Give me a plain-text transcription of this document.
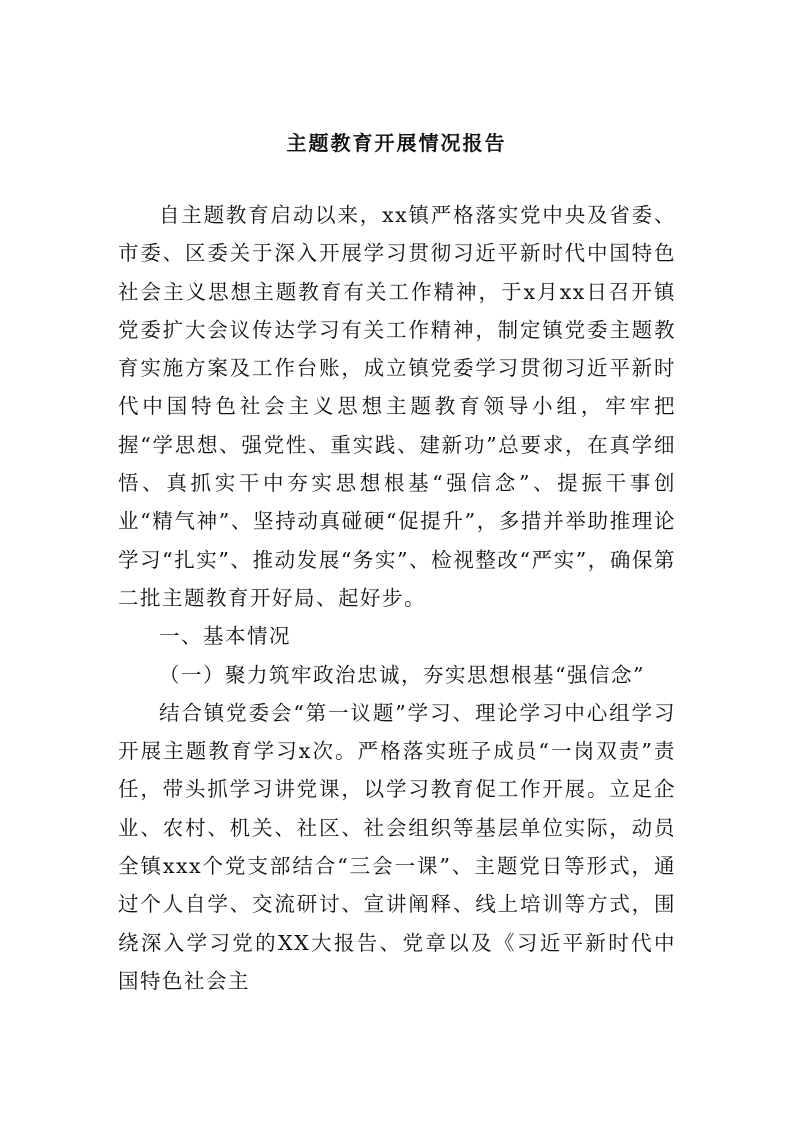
主题教育开展情况报告

自主题教育启动以来，xx镇严格落实党中央及省委、市委、区委关于深入开展学习贯彻习近平新时代中国特色社会主义思想主题教育有关工作精神，于x月xx日召开镇党委扩大会议传达学习有关工作精神，制定镇党委主题教育实施方案及工作台账，成立镇党委学习贯彻习近平新时代中国特色社会主义思想主题教育领导小组，牢牢把握“学思想、强党性、重实践、建新功”总要求，在真学细悟、真抓实干中夯实思想根基“强信念”、提振干事创业“精气神”、坚持动真碰硬“促提升”，多措并举助推理论学习“扎实”、推动发展“务实”、检视整改“严实”，确保第二批主题教育开好局、起好步。

一、基本情况

（一）聚力筑牢政治忠诚，夯实思想根基“强信念”

结合镇党委会“第一议题”学习、理论学习中心组学习开展主题教育学习x次。严格落实班子成员“一岗双责”责任，带头抓学习讲党课，以学习教育促工作开展。立足企业、农村、机关、社区、社会组织等基层单位实际，动员全镇xxx个党支部结合“三会一课”、主题党日等形式，通过个人自学、交流研讨、宣讲阐释、线上培训等方式，围绕深入学习党的XX大报告、党章以及《习近平新时代中国特色社会主
